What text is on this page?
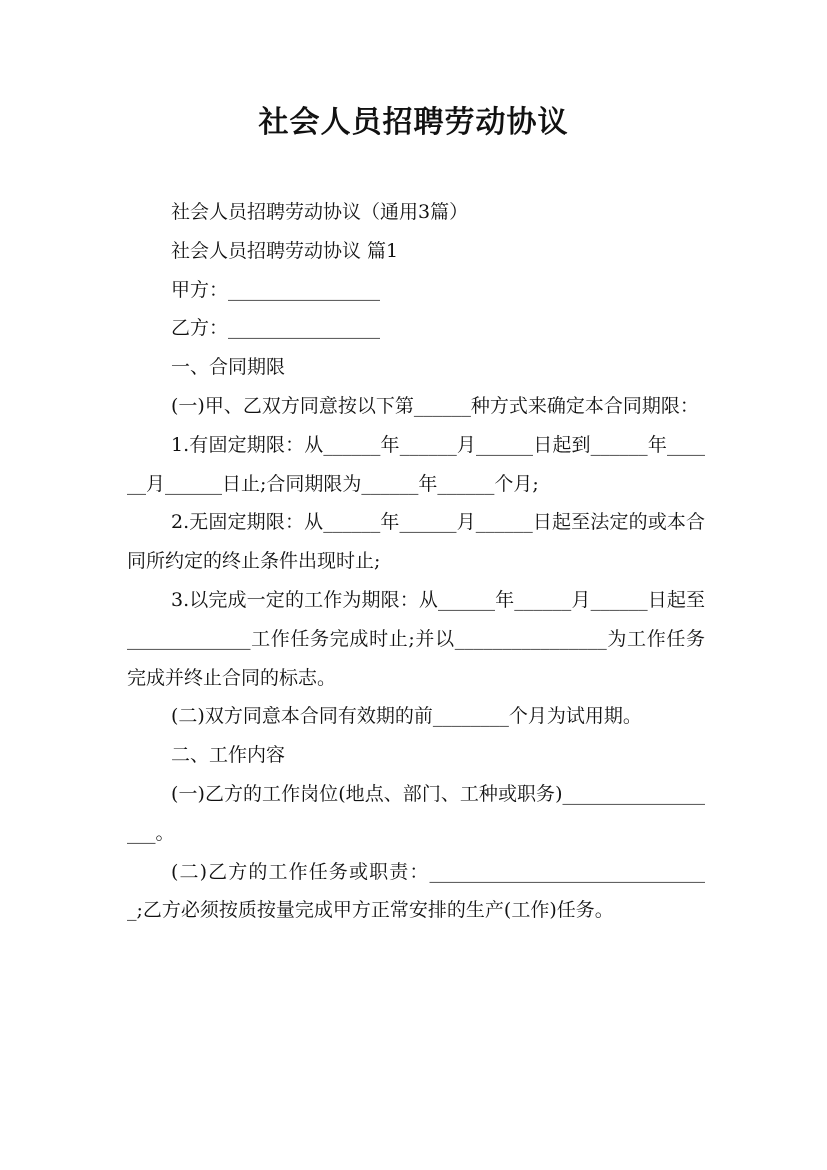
社会人员招聘劳动协议

社会人员招聘劳动协议（通用3篇）

社会人员招聘劳动协议 篇1

甲方：________________

乙方：________________

一、合同期限

(一)甲、乙双方同意按以下第______种方式来确定本合同期限：

1.有固定期限：从______年______月______日起到______年______月______日止;合同期限为______年______个月;

2.无固定期限：从______年______月______日起至法定的或本合同所约定的终止条件出现时止;

3.以完成一定的工作为期限：从______年______月______日起至_____________工作任务完成时止;并以________________为工作任务完成并终止合同的标志。

(二)双方同意本合同有效期的前________个月为试用期。

二、工作内容

(一)乙方的工作岗位(地点、部门、工种或职务)__________________。

(二)乙方的工作任务或职责：______________________________;乙方必须按质按量完成甲方正常安排的生产(工作)任务。
